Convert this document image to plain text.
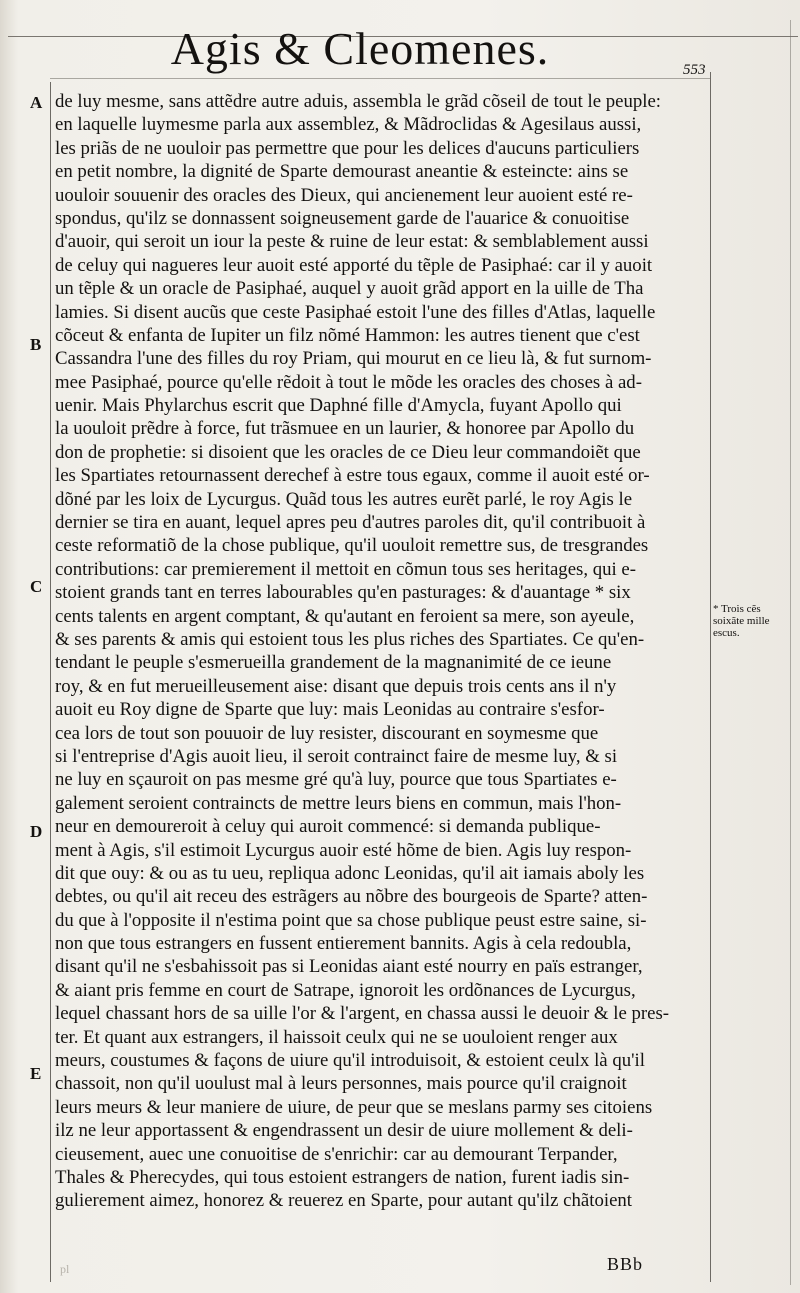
Agis & Cleomenes.	553
A
B
C
D
E
de luy mesme, sans attẽdre autre aduis, assembla le grãd cõseil de tout le peuple:
en laquelle luymesme parla aux assemblez, & Mãdroclidas & Agesilaus aussi,
les priãs de ne uouloir pas permettre que pour les delices d'aucuns particuliers
en petit nombre, la dignité de Sparte demourast aneantie & esteincte: ains se
uouloir souuenir des oracles des Dieux, qui ancienement leur auoient esté re-
spondus, qu'ilz se donnassent soigneusement garde de l'auarice & conuoitise
d'auoir, qui seroit un iour la peste & ruine de leur estat: & semblablement aussi
de celuy qui nagueres leur auoit esté apporté du tẽple de Pasiphaé: car il y auoit
un tẽple & un oracle de Pasiphaé, auquel y auoit grãd apport en la uille de Tha
lamies. Si disent aucũs que ceste Pasiphaé estoit l'une des filles d'Atlas, laquelle
cõceut & enfanta de Iupiter un filz nõmé Hammon: les autres tienent que c'est
Cassandra l'une des filles du roy Priam, qui mourut en ce lieu là, & fut surnom-
mee Pasiphaé, pource qu'elle rẽdoit à tout le mõde les oracles des choses à ad-
uenir. Mais Phylarchus escrit que Daphné fille d'Amycla, fuyant Apollo qui
la uouloit prẽdre à force, fut trãsmuee en un laurier, & honoree par Apollo du
don de prophetie: si disoient que les oracles de ce Dieu leur commandoiẽt que
les Spartiates retournassent derechef à estre tous egaux, comme il auoit esté or-
dõné par les loix de Lycurgus. Quãd tous les autres eurẽt parlé, le roy Agis le
dernier se tira en auant, lequel apres peu d'autres paroles dit, qu'il contribuoit à
ceste reformatiõ de la chose publique, qu'il uouloit remettre sus, de tresgrandes
contributions: car premierement il mettoit en cõmun tous ses heritages, qui e-
stoient grands tant en terres labourables qu'en pasturages: & d'auantage * six
cents talents en argent comptant, & qu'autant en feroient sa mere, son ayeule,
& ses parents & amis qui estoient tous les plus riches des Spartiates. Ce qu'en-
tendant le peuple s'esmerueilla grandement de la magnanimité de ce ieune
roy, & en fut merueilleusement aise: disant que depuis trois cents ans il n'y
auoit eu Roy digne de Sparte que luy: mais Leonidas au contraire s'esfor-
cea lors de tout son pouuoir de luy resister, discourant en soymesme que
si l'entreprise d'Agis auoit lieu, il seroit contrainct faire de mesme luy, & si
ne luy en sçauroit on pas mesme gré qu'à luy, pource que tous Spartiates e-
galement seroient contraincts de mettre leurs biens en commun, mais l'hon-
neur en demoureroit à celuy qui auroit commencé: si demanda publique-
ment à Agis, s'il estimoit Lycurgus auoir esté hõme de bien. Agis luy respon-
dit que ouy: & ou as tu ueu, repliqua adonc Leonidas, qu'il ait iamais aboly les
debtes, ou qu'il ait receu des estrãgers au nõbre des bourgeois de Sparte? atten-
du que à l'opposite il n'estima point que sa chose publique peust estre saine, si-
non que tous estrangers en fussent entierement bannits. Agis à cela redoubla,
disant qu'il ne s'esbahissoit pas si Leonidas aiant esté nourry en païs estranger,
& aiant pris femme en court de Satrape, ignoroit les ordõnances de Lycurgus,
lequel chassant hors de sa uille l'or & l'argent, en chassa aussi le deuoir & le pres-
ter. Et quant aux estrangers, il haissoit ceulx qui ne se uouloient renger aux
meurs, coustumes & façons de uiure qu'il introduisoit, & estoient ceulx là qu'il
chassoit, non qu'il uoulust mal à leurs personnes, mais pource qu'il craignoit
leurs meurs & leur maniere de uiure, de peur que se meslans parmy ses citoiens
ilz ne leur apportassent & engendrassent un desir de uiure mollement & deli-
cieusement, auec une conuoitise de s'enrichir: car au demourant Terpander,
Thales & Pherecydes, qui tous estoient estrangers de nation, furent iadis sin-
gulierement aimez, honorez & reuerez en Sparte, pour autant qu'ilz chãtoient
* Trois cẽs soixãte mille escus.
pl	BBb
